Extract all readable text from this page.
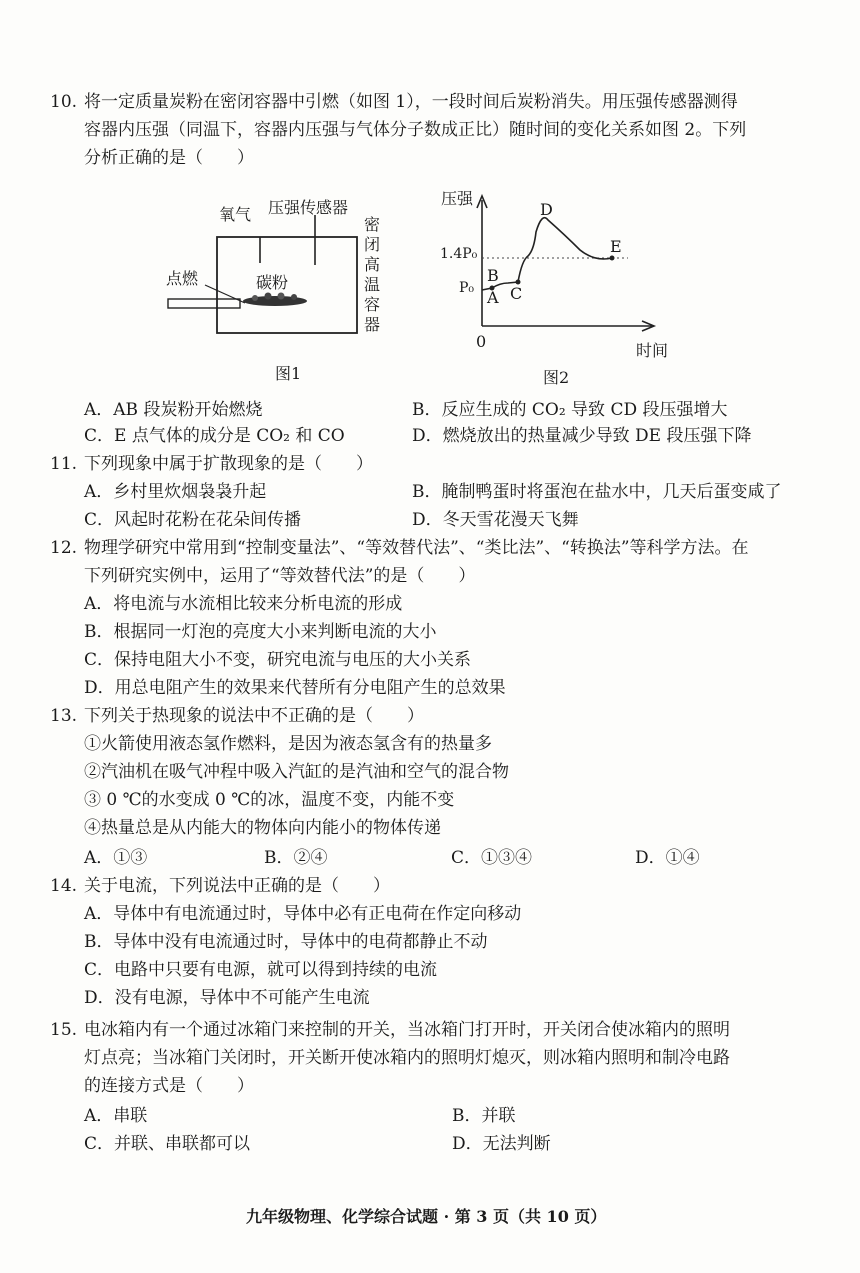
10. 将一定质量炭粉在密闭容器中引燃（如图 1），一段时间后炭粉消失。用压强传感器测得
容器内压强（同温下，容器内压强与气体分子数成正比）随时间的变化关系如图 2。下列
分析正确的是（　　）
氧气 压强传感器
点燃	碳粉
密闭高温容器
图1
压强
时间
0
1.4P₀
P₀ A
B
C
D
E
图2
A．AB 段炭粉开始燃烧	B．反应生成的 CO₂ 导致 CD 段压强增大
C．E 点气体的成分是 CO₂ 和 CO	D．燃烧放出的热量减少导致 DE 段压强下降
11. 下列现象中属于扩散现象的是（　　）
A．乡村里炊烟袅袅升起	B．腌制鸭蛋时将蛋泡在盐水中，几天后蛋变咸了
C．风起时花粉在花朵间传播	D．冬天雪花漫天飞舞
12. 物理学研究中常用到“控制变量法”、“等效替代法”、“类比法”、“转换法”等科学方法。在
下列研究实例中，运用了“等效替代法”的是（　　）
A．将电流与水流相比较来分析电流的形成
B．根据同一灯泡的亮度大小来判断电流的大小
C．保持电阻大小不变，研究电流与电压的大小关系
D．用总电阻产生的效果来代替所有分电阻产生的总效果
13. 下列关于热现象的说法中不正确的是（　　）
①火箭使用液态氢作燃料，是因为液态氢含有的热量多
②汽油机在吸气冲程中吸入汽缸的是汽油和空气的混合物
③ 0 ℃的水变成 0 ℃的冰，温度不变，内能不变
④热量总是从内能大的物体向内能小的物体传递
A．①③	B．②④	C．①③④	D．①④
14. 关于电流，下列说法中正确的是（　　）
A．导体中有电流通过时，导体中必有正电荷在作定向移动
B．导体中没有电流通过时，导体中的电荷都静止不动
C．电路中只要有电源，就可以得到持续的电流
D．没有电源，导体中不可能产生电流
15. 电冰箱内有一个通过冰箱门来控制的开关，当冰箱门打开时，开关闭合使冰箱内的照明
灯点亮；当冰箱门关闭时，开关断开使冰箱内的照明灯熄灭，则冰箱内照明和制冷电路
的连接方式是（　　）
A．串联	B．并联
C．并联、串联都可以	D．无法判断
九年级物理、化学综合试题 · 第 3 页（共 10 页）
